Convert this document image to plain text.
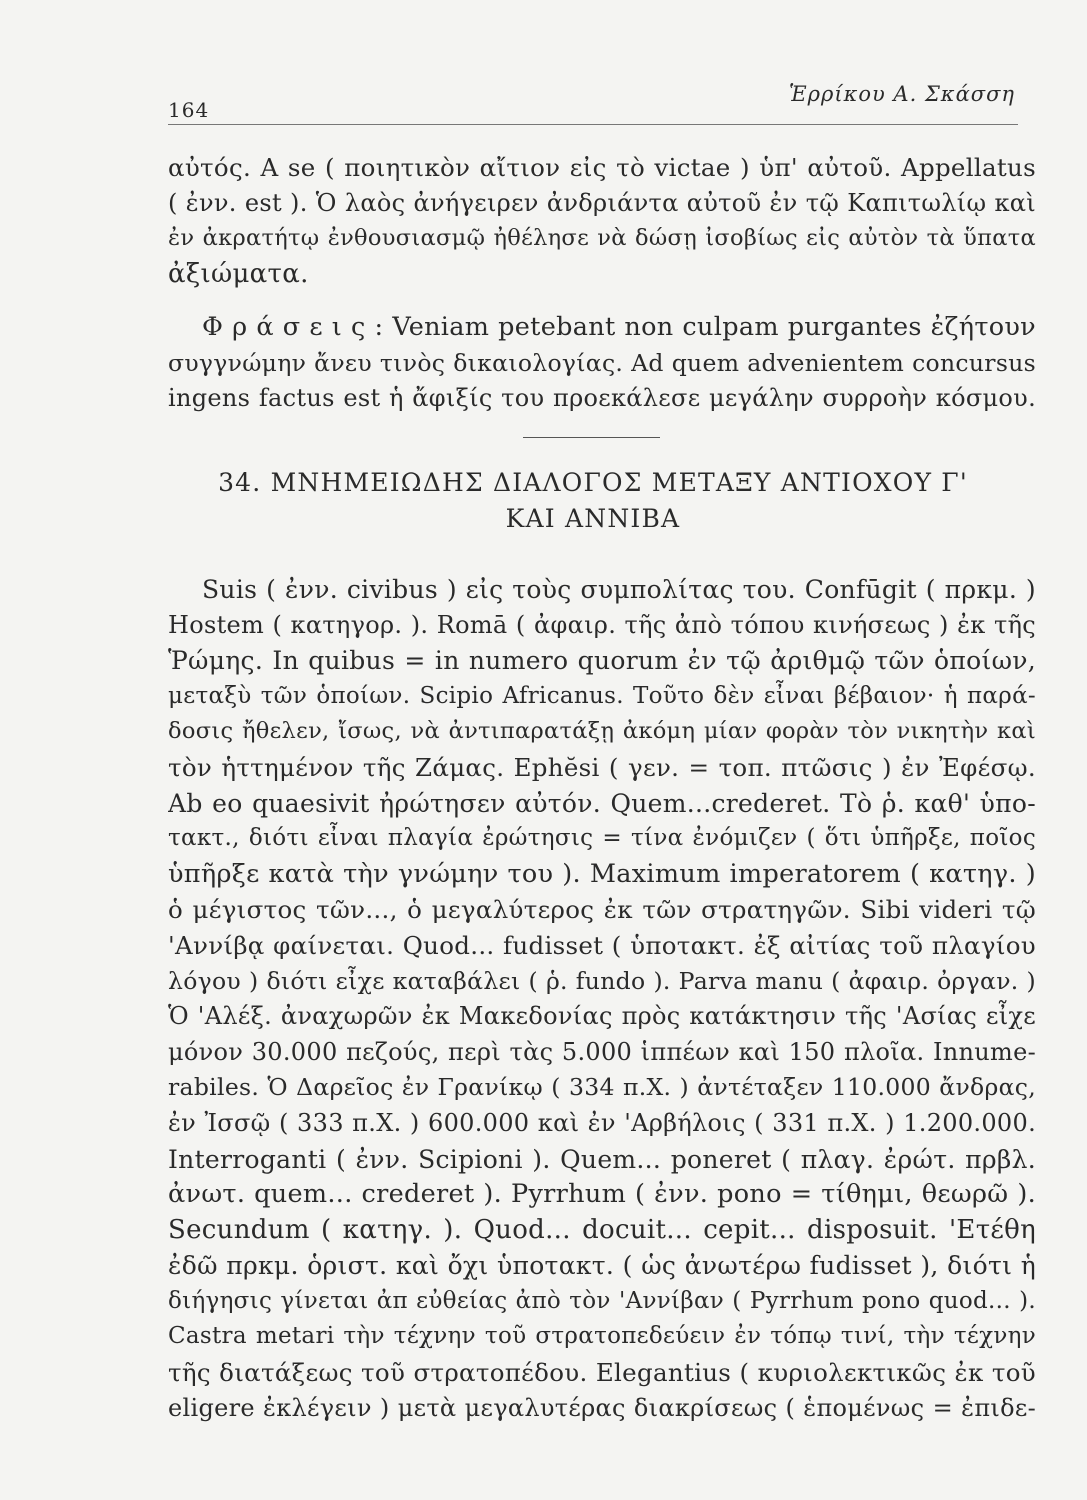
164
Ἑρρίκου Α. Σκάσση
αὐτός. A se ( ποιητικὸν αἴτιον εἰς τὸ victae ) ὑπ' αὐτοῦ. Appellatus
( ἐνν. est ). Ὁ λαὸς ἀνήγειρεν ἀνδριάντα αὐτοῦ ἐν τῷ Καπιτωλίῳ καὶ
ἐν ἀκρατήτῳ ἐνθουσιασμῷ ἠθέλησε νὰ δώσῃ ἰσοβίως εἰς αὐτὸν τὰ ὕπατα
ἀξιώματα.
Φ ρ ά σ ε ι ς : Veniam petebant non culpam purgantes ἐζήτουν
συγγνώμην ἄνευ τινὸς δικαιολογίας. Ad quem advenientem concursus
ingens factus est ἡ ἄφιξίς του προεκάλεσε μεγάλην συρροὴν κόσμου.
34. ΜΝΗΜΕΙΩΔΗΣ ΔΙΑΛΟΓΟΣ ΜΕΤΑΞΥ ΑΝΤΙΟΧΟΥ Γ'
ΚΑΙ ΑΝΝΙΒΑ
Suis ( ἐνν. civibus ) εἰς τοὺς συμπολίτας του. Confūgit ( πρκμ. )
Hostem ( κατηγορ. ). Romā ( ἀφαιρ. τῆς ἀπὸ τόπου κινήσεως ) ἐκ τῆς
Ῥώμης. In quibus = in numero quorum ἐν τῷ ἀριθμῷ τῶν ὁποίων,
μεταξὺ τῶν ὁποίων. Scipio Africanus. Τοῦτο δὲν εἶναι βέβαιον· ἡ παρά-
δοσις ἤθελεν, ἴσως, νὰ ἀντιπαρατάξῃ ἀκόμη μίαν φορὰν τὸν νικητὴν καὶ
τὸν ἡττημένον τῆς Ζάμας. Ephĕsi ( γεν. = τοπ. πτῶσις ) ἐν Ἐφέσῳ.
Ab eo quaesivit ἠρώτησεν αὐτόν. Quem...crederet. Τὸ ῥ. καθ' ὑπο-
τακτ., διότι εἶναι πλαγία ἐρώτησις = τίνα ἐνόμιζεν ( ὅτι ὑπῆρξε, ποῖος
ὑπῆρξε κατὰ τὴν γνώμην του ). Maximum imperatorem ( κατηγ. )
ὁ μέγιστος τῶν..., ὁ μεγαλύτερος ἐκ τῶν στρατηγῶν. Sibi videri τῷ
'Αννίβᾳ φαίνεται. Quod... fudisset ( ὑποτακτ. ἐξ αἰτίας τοῦ πλαγίου
λόγου ) διότι εἶχε καταβάλει ( ῥ. fundo ). Parva manu ( ἀφαιρ. ὀργαν. )
Ὁ 'Αλέξ. ἀναχωρῶν ἐκ Μακεδονίας πρὸς κατάκτησιν τῆς 'Ασίας εἶχε
μόνον 30.000 πεζούς, περὶ τὰς 5.000 ἱππέων καὶ 150 πλοῖα. Innume-
rabiles. Ὁ Δαρεῖος ἐν Γρανίκῳ ( 334 π.Χ. ) ἀντέταξεν 110.000 ἄνδρας,
ἐν Ἰσσῷ ( 333 π.Χ. ) 600.000 καὶ ἐν 'Αρβήλοις ( 331 π.Χ. ) 1.200.000.
Interroganti ( ἐνν. Scipioni ). Quem... poneret ( πλαγ. ἐρώτ. πρβλ.
ἀνωτ. quem... crederet ). Pyrrhum ( ἐνν. pono = τίθημι, θεωρῶ ).
Secundum ( κατηγ. ). Quod... docuit... cepit... disposuit. 'Ετέθη
ἐδῶ πρκμ. ὁριστ. καὶ ὄχι ὑποτακτ. ( ὡς ἀνωτέρω fudisset ), διότι ἡ
διήγησις γίνεται ἀπ εὐθείας ἀπὸ τὸν 'Αννίβαν ( Pyrrhum pono quod... ).
Castra metari τὴν τέχνην τοῦ στρατοπεδεύειν ἐν τόπῳ τινί, τὴν τέχνην
τῆς διατάξεως τοῦ στρατοπέδου. Elegantius ( κυριολεκτικῶς ἐκ τοῦ
eligere ἐκλέγειν ) μετὰ μεγαλυτέρας διακρίσεως ( ἑπομένως = ἐπιδε-
